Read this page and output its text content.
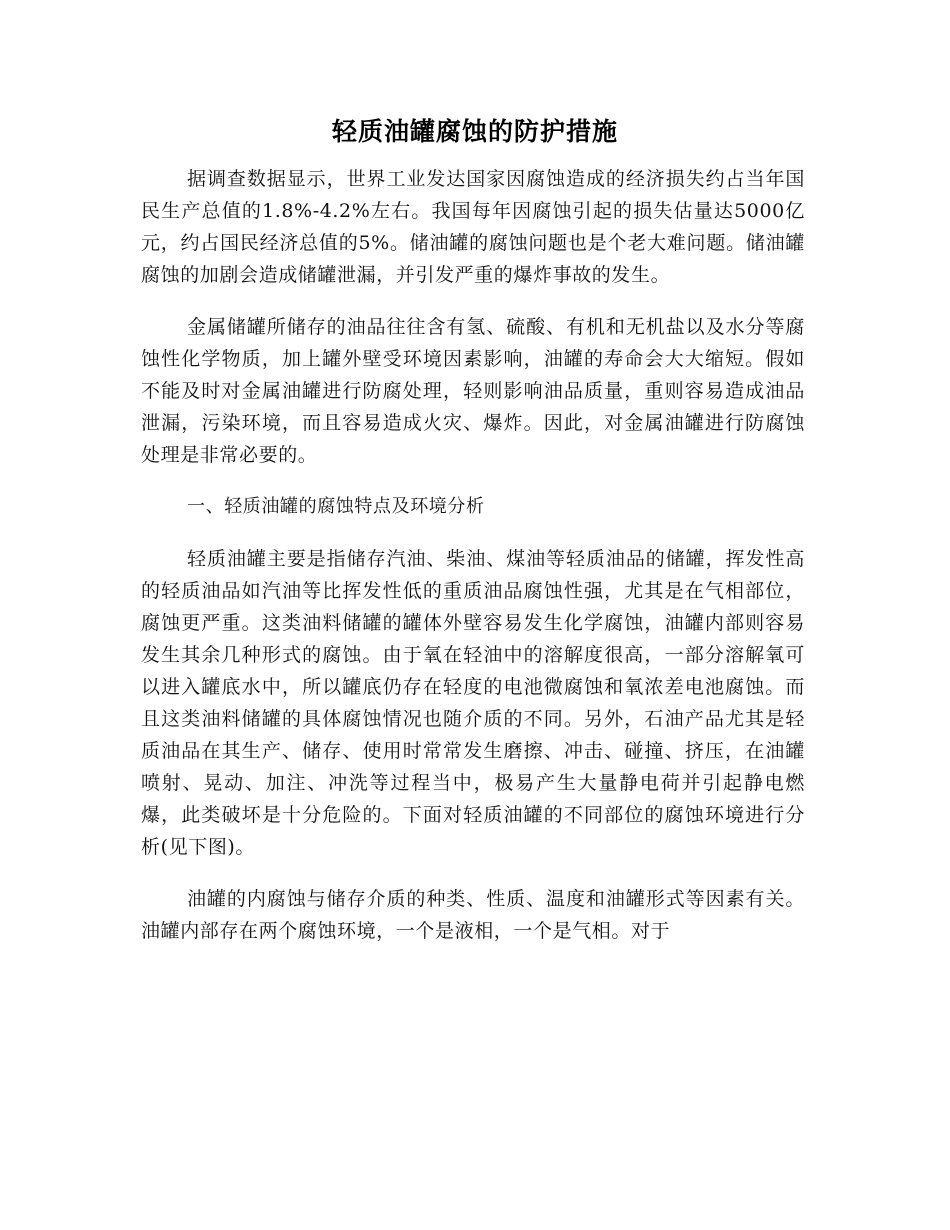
轻质油罐腐蚀的防护措施

据调查数据显示，世界工业发达国家因腐蚀造成的经济损失约占当年国民生产总值的1.8%-4.2%左右。我国每年因腐蚀引起的损失估量达5000亿元，约占国民经济总值的5%。储油罐的腐蚀问题也是个老大难问题。储油罐腐蚀的加剧会造成储罐泄漏，并引发严重的爆炸事故的发生。

金属储罐所储存的油品往往含有氢、硫酸、有机和无机盐以及水分等腐蚀性化学物质，加上罐外壁受环境因素影响，油罐的寿命会大大缩短。假如不能及时对金属油罐进行防腐处理，轻则影响油品质量，重则容易造成油品泄漏，污染环境，而且容易造成火灾、爆炸。因此，对金属油罐进行防腐蚀处理是非常必要的。

一、轻质油罐的腐蚀特点及环境分析

轻质油罐主要是指储存汽油、柴油、煤油等轻质油品的储罐，挥发性高的轻质油品如汽油等比挥发性低的重质油品腐蚀性强，尤其是在气相部位，腐蚀更严重。这类油料储罐的罐体外壁容易发生化学腐蚀，油罐内部则容易发生其余几种形式的腐蚀。由于氧在轻油中的溶解度很高，一部分溶解氧可以进入罐底水中，所以罐底仍存在轻度的电池微腐蚀和氧浓差电池腐蚀。而且这类油料储罐的具体腐蚀情况也随介质的不同。另外，石油产品尤其是轻质油品在其生产、储存、使用时常常发生磨擦、冲击、碰撞、挤压，在油罐喷射、晃动、加注、冲洗等过程当中，极易产生大量静电荷并引起静电燃爆，此类破坏是十分危险的。下面对轻质油罐的不同部位的腐蚀环境进行分析(见下图)。

油罐的内腐蚀与储存介质的种类、性质、温度和油罐形式等因素有关。油罐内部存在两个腐蚀环境，一个是液相，一个是气相。对于
